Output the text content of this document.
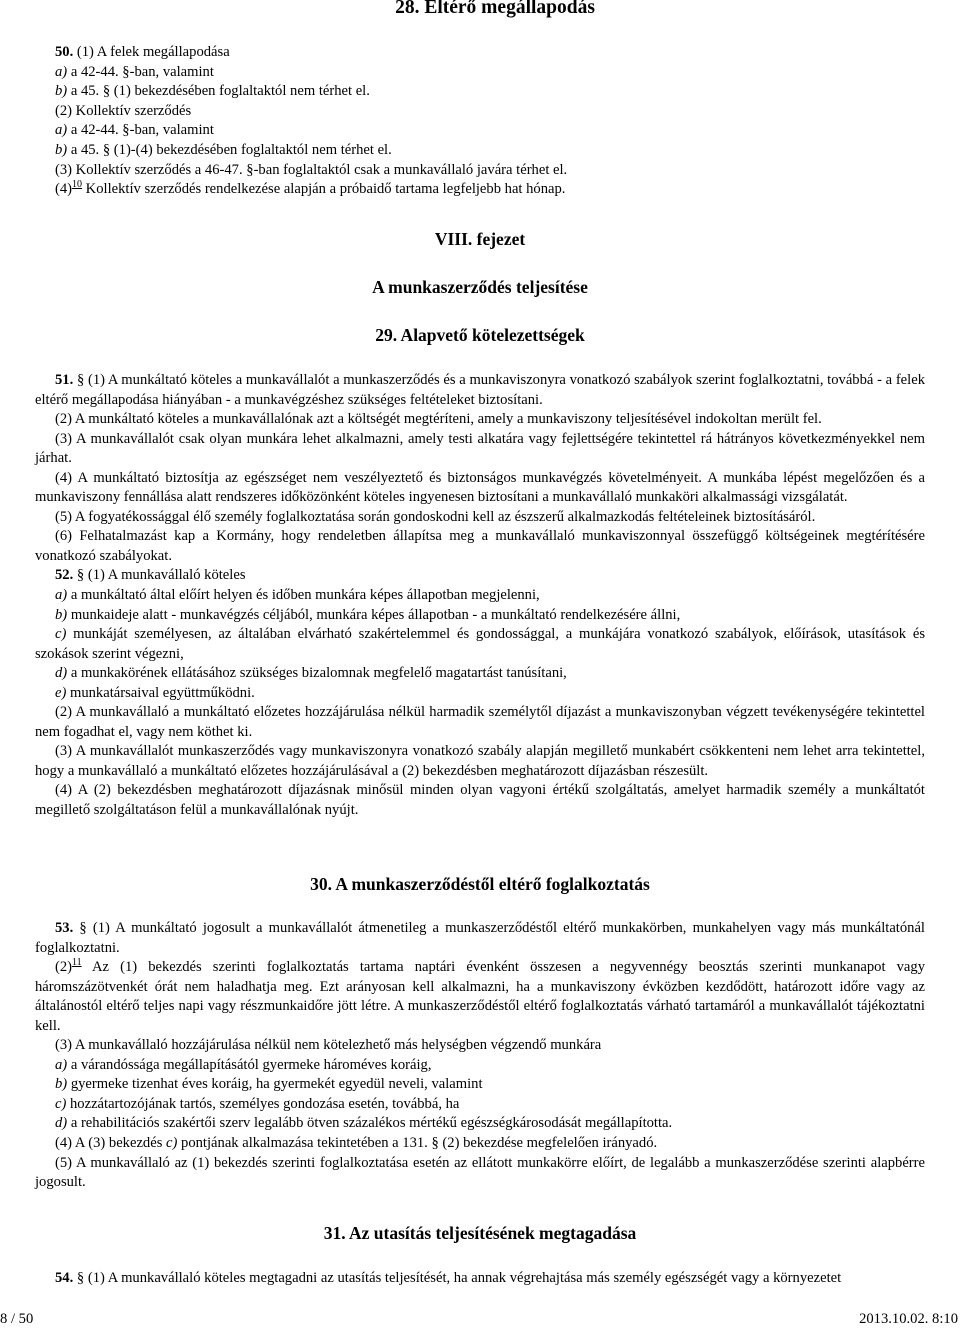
28. Eltérő megállapodás
50. (1) A felek megállapodása
a) a 42-44. §-ban, valamint
b) a 45. § (1) bekezdésében foglaltaktól nem térhet el.
(2) Kollektív szerződés
a) a 42-44. §-ban, valamint
b) a 45. § (1)-(4) bekezdésében foglaltaktól nem térhet el.
(3) Kollektív szerződés a 46-47. §-ban foglaltaktól csak a munkavállaló javára térhet el.
$(4)^{10}$ Kollektív szerződés rendelkezése alapján a próbaidő tartama legfeljebb hat hónap.
VIII. fejezet
A munkaszerződés teljesítése
29. Alapvető kötelezettségek

51. § (1) A munkáltató köteles a munkavállalót a munkaszerződés és a munkaviszonyra vonatkozó szabályok szerint foglalkoztatni, továbbá - a felek eltérő megállapodása hiányában - a munkavégzéshez szükséges feltételeket biztosítani.

(2) A munkáltató köteles a munkavállalónak azt a költségét megtéríteni, amely a munkaviszony teljesítésével indokoltan merült fel.

(3) A munkavállalót csak olyan munkára lehet alkalmazni, amely testi alkatára vagy fejlettségére tekintettel rá hátrányos következményekkel nem járhat.

(4) A munkáltató biztosítja az egészséget nem veszélyeztető és biztonságos munkavégzés követelményeit. A munkába lépést megelőzően és a munkaviszony fennállása alatt rendszeres időközönként köteles ingyenesen biztosítani a munkavállaló munkaköri alkalmassági vizsgálatát.

(5) A fogyatékossággal élő személy foglalkoztatása során gondoskodni kell az észszerű alkalmazkodás feltételeinek biztosításáról.

(6) Felhatalmazást kap a Kormány, hogy rendeletben állapítsa meg a munkavállaló munkaviszonnyal összefüggő költségeinek megtérítésére vonatkozó szabályokat.

52. § (1) A munkavállaló köteles

a) a munkáltató által előírt helyen és időben munkára képes állapotban megjelenni,

b) munkaideje alatt - munkavégzés céljából, munkára képes állapotban - a munkáltató rendelkezésére állni,

c) munkáját személyesen, az általában elvárható szakértelemmel és gondossággal, a munkájára vonatkozó szabályok, előírások, utasítások és szokások szerint végezni,

d) a munkakörének ellátásához szükséges bizalomnak megfelelő magatartást tanúsítani,

e) munkatársaival együttműködni.

(2) A munkavállaló a munkáltató előzetes hozzájárulása nélkül harmadik személytől díjazást a munkaviszonyban végzett tevékenységére tekintettel nem fogadhat el, vagy nem köthet ki.

(3) A munkavállalót munkaszerződés vagy munkaviszonyra vonatkozó szabály alapján megillető munkabért csökkenteni nem lehet arra tekintettel, hogy a munkavállaló a munkáltató előzetes hozzájárulásával a (2) bekezdésben meghatározott díjazásban részesült.

(4) A (2) bekezdésben meghatározott díjazásnak minősül minden olyan vagyoni értékű szolgáltatás, amelyet harmadik személy a munkáltatót megillető szolgáltatáson felül a munkavállalónak nyújt.

30. A munkaszerződéstől eltérő foglalkoztatás

53. § (1) A munkáltató jogosult a munkavállalót átmenetileg a munkaszerződéstől eltérő munkakörben, munkahelyen vagy más munkáltatónál foglalkoztatni.

$(2)^{11}$ Az (1) bekezdés szerinti foglalkoztatás tartama naptári évenként összesen a negyvennégy beosztás szerinti munkanapot vagy háromszázötvenkét órát nem haladhatja meg. Ezt arányosan kell alkalmazni, ha a munkaviszony évközben kezdődött, határozott időre vagy az általánostól eltérő teljes napi vagy részmunkaidőre jött létre. A munkaszerződéstől eltérő foglalkoztatás várható tartamáról a munkavállalót tájékoztatni kell.

(3) A munkavállaló hozzájárulása nélkül nem kötelezhető más helységben végzendő munkára

a) a várandóssága megállapításától gyermeke hároméves koráig,

b) gyermeke tizenhat éves koráig, ha gyermekét egyedül neveli, valamint

c) hozzátartozójának tartós, személyes gondozása esetén, továbbá, ha

d) a rehabilitációs szakértői szerv legalább ötven százalékos mértékű egészségkárosodását megállapította.

(4) A (3) bekezdés c) pontjának alkalmazása tekintetében a 131. § (2) bekezdése megfelelően irányadó.

(5) A munkavállaló az (1) bekezdés szerinti foglalkoztatása esetén az ellátott munkakörre előírt, de legalább a munkaszerződése szerinti alapbérre jogosult.

31. Az utasítás teljesítésének megtagadása

54. § (1) A munkavállaló köteles megtagadni az utasítás teljesítését, ha annak végrehajtása más személy egészségét vagy a környezetet

8 / 50	2013.10.02. 8:10
